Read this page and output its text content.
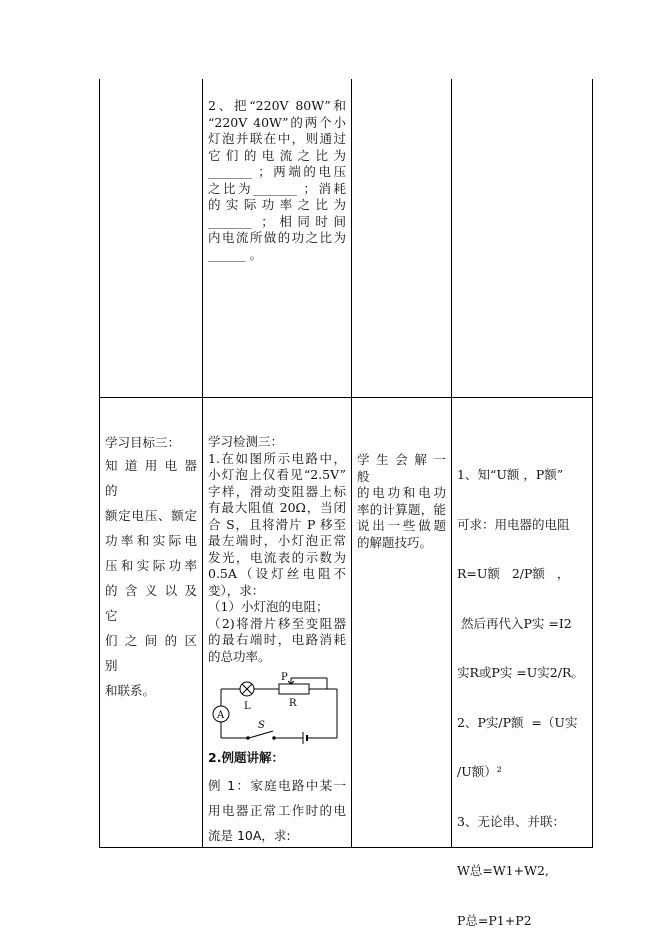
2、把“220V 80W”和

“220V 40W”的两个小

灯泡并联在中，则通过

它 们 的 电 流 之 比 为

_______ ；两端的电压

之比为_______ ；消耗

的 实 际 功 率 之 比 为

_______ ；相同时间

内电流所做的功之比为

______ 。

学习目标三：

知 道 用 电 器 的

额定电压、额定

功率和实际电

压和实际功率

的 含 义 以 及 它

们 之 间 的 区 别

和联系。

学习检测三：

1.在如图所示电路中，

小灯泡上仅看见“2.5V”

字样，滑动变阻器上标

有最大阻值 20Ω，当闭

合 S，且将滑片 P 移至

最左端时，小灯泡正常

发光，电流表的示数为

0.5A（设灯丝电阻不

变），求：

（1）小灯泡的电阻；

（2)将滑片移至变阻器

的最右端时，电路消耗

的总功率。

A
L
P
R
S

2.例题讲解：

例 1：家庭电路中某一

用电器正常工作时的电

流是 10A，求:

学 生 会 解 一 般

的电功和电功

率的计算题，能

说出一些做题

的解题技巧。

1、知“U额 ，P额”

可求：用电器的电阻

R=U额   2/P额   ，

然后再代入P实 =I2

实R或P实 =U实2/R。

2、P实/P额  =（U实

/U额）²

3、无论串、并联：

W总=W1+W2,

P总=P1+P2
